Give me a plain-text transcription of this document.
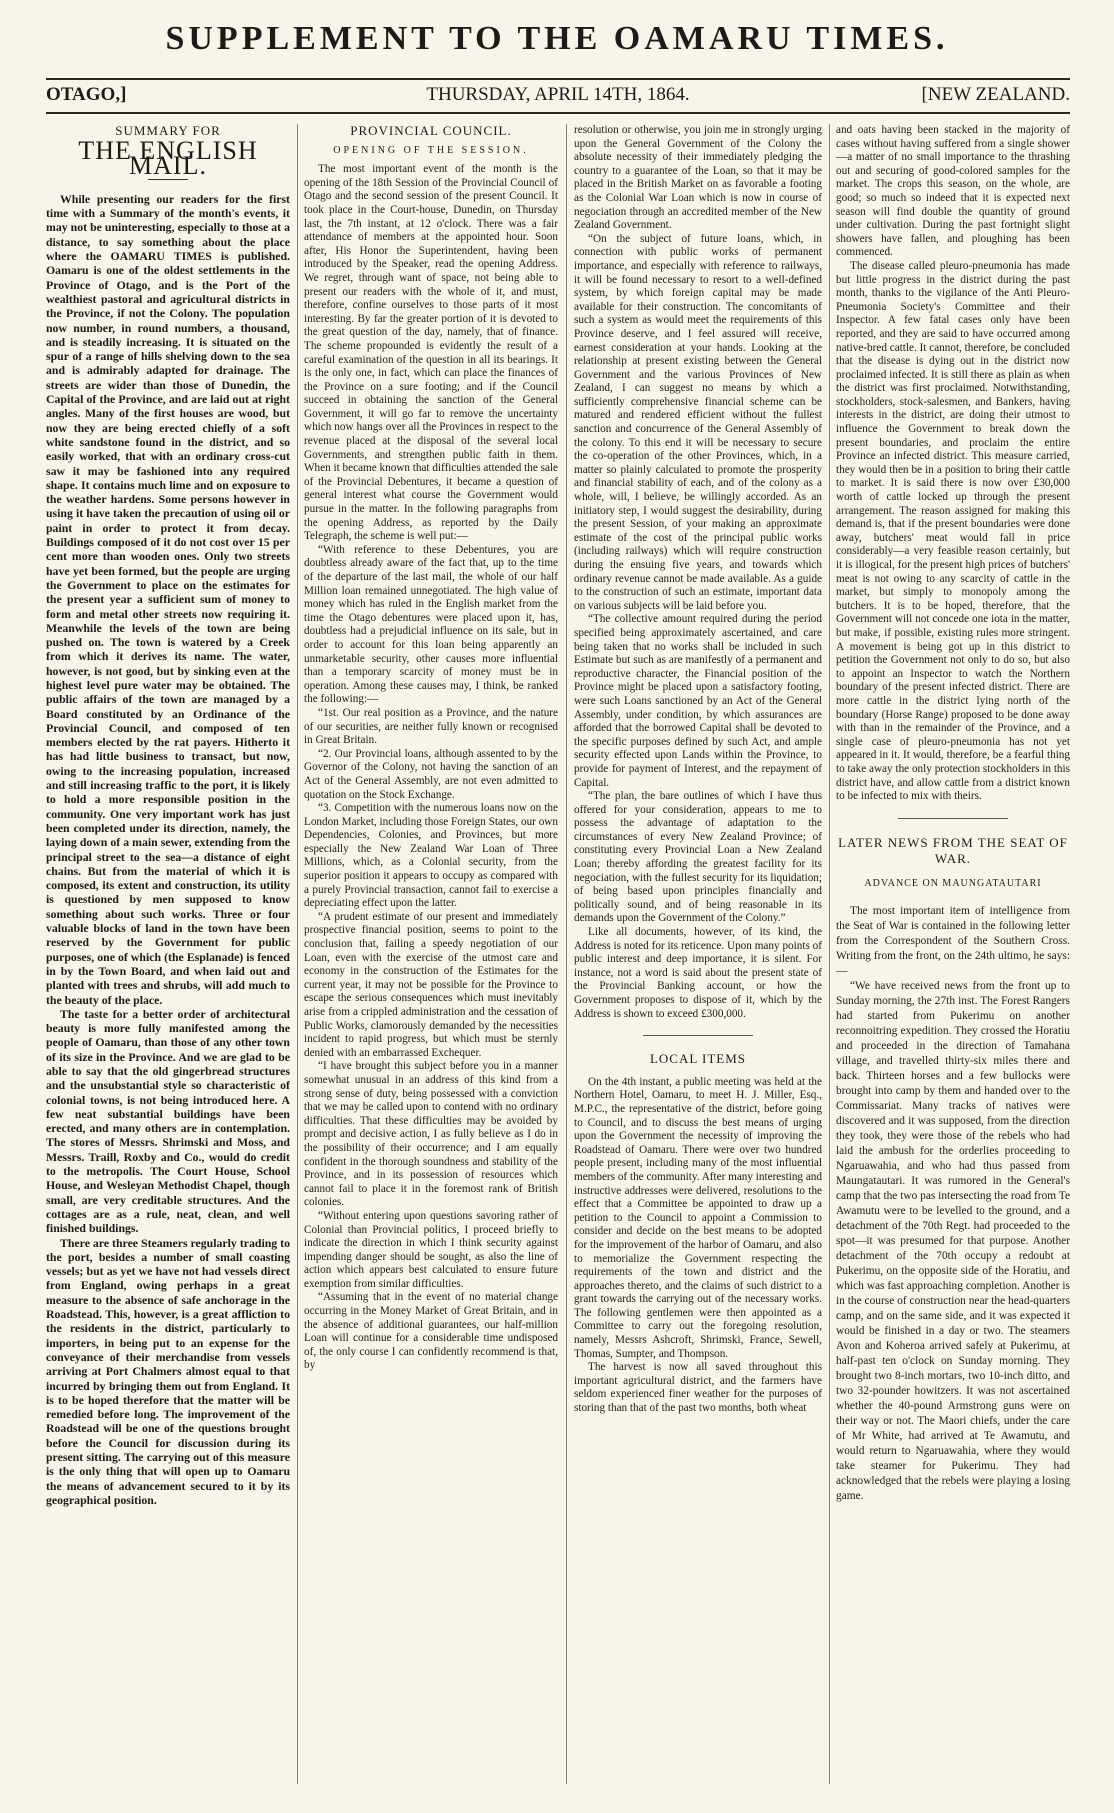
SUPPLEMENT TO THE OAMARU TIMES.
OTAGO,]	THURSDAY, APRIL 14TH, 1864.	[NEW ZEALAND.
SUMMARY FOR
THE ENGLISH MAIL.

While presenting our readers for the first time with a Summary of the month's events, it may not be uninteresting, especially to those at a distance, to say something about the place where the OAMARU TIMES is published. Oamaru is one of the oldest settlements in the Province of Otago, and is the Port of the wealthiest pastoral and agricultural districts in the Province, if not the Colony. The population now number, in round numbers, a thousand, and is steadily increasing. It is situated on the spur of a range of hills shelving down to the sea and is admirably adapted for drainage. The streets are wider than those of Dunedin, the Capital of the Province, and are laid out at right angles. Many of the first houses are wood, but now they are being erected chiefly of a soft white sandstone found in the district, and so easily worked, that with an ordinary cross-cut saw it may be fashioned into any required shape. It contains much lime and on exposure to the weather hardens. Some persons however in using it have taken the precaution of using oil or paint in order to protect it from decay. Buildings composed of it do not cost over 15 per cent more than wooden ones. Only two streets have yet been formed, but the people are urging the Government to place on the estimates for the present year a sufficient sum of money to form and metal other streets now requiring it. Meanwhile the levels of the town are being pushed on. The town is watered by a Creek from which it derives its name. The water, however, is not good, but by sinking even at the highest level pure water may be obtained. The public affairs of the town are managed by a Board constituted by an Ordinance of the Provincial Council, and composed of ten members elected by the rat payers. Hitherto it has had little business to transact, but now, owing to the increasing population, increased and still increasing traffic to the port, it is likely to hold a more responsible position in the community. One very important work has just been completed under its direction, namely, the laying down of a main sewer, extending from the principal street to the sea—a distance of eight chains. But from the material of which it is composed, its extent and construction, its utility is questioned by men supposed to know something about such works. Three or four valuable blocks of land in the town have been reserved by the Government for public purposes, one of which (the Esplanade) is fenced in by the Town Board, and when laid out and planted with trees and shrubs, will add much to the beauty of the place.

The taste for a better order of architectural beauty is more fully manifested among the people of Oamaru, than those of any other town of its size in the Province. And we are glad to be able to say that the old gingerbread structures and the unsubstantial style so characteristic of colonial towns, is not being introduced here. A few neat substantial buildings have been erected, and many others are in contemplation. The stores of Messrs. Shrimski and Moss, and Messrs. Traill, Roxby and Co., would do credit to the metropolis. The Court House, School House, and Wesleyan Methodist Chapel, though small, are very creditable structures. And the cottages are as a rule, neat, clean, and well finished buildings.

There are three Steamers regularly trading to the port, besides a number of small coasting vessels; but as yet we have not had vessels direct from England, owing perhaps in a great measure to the absence of safe anchorage in the Roadstead. This, however, is a great affliction to the residents in the district, particularly to importers, in being put to an expense for the conveyance of their merchandise from vessels arriving at Port Chalmers almost equal to that incurred by bringing them out from England. It is to be hoped therefore that the matter will be remedied before long. The improvement of the Roadstead will be one of the questions brought before the Council for discussion during its present sitting. The carrying out of this measure is the only thing that will open up to Oamaru the means of advancement secured to it by its geographical position.

PROVINCIAL COUNCIL.
OPENING OF THE SESSION.

The most important event of the month is the opening of the 18th Session of the Provincial Council of Otago and the second session of the present Council. It took place in the Court-house, Dunedin, on Thursday last, the 7th instant, at 12 o'clock. There was a fair attendance of members at the appointed hour. Soon after, His Honor the Superintendent, having been introduced by the Speaker, read the opening Address. We regret, through want of space, not being able to present our readers with the whole of it, and must, therefore, confine ourselves to those parts of it most interesting. By far the greater portion of it is devoted to the great question of the day, namely, that of finance. The scheme propounded is evidently the result of a careful examination of the question in all its bearings. It is the only one, in fact, which can place the finances of the Province on a sure footing; and if the Council succeed in obtaining the sanction of the General Government, it will go far to remove the uncertainty which now hangs over all the Provinces in respect to the revenue placed at the disposal of the several local Governments, and strengthen public faith in them. When it became known that difficulties attended the sale of the Provincial Debentures, it became a question of general interest what course the Government would pursue in the matter. In the following paragraphs from the opening Address, as reported by the Daily Telegraph, the scheme is well put:—

“With reference to these Debentures, you are doubtless already aware of the fact that, up to the time of the departure of the last mail, the whole of our half Million loan remained unnegotiated. The high value of money which has ruled in the English market from the time the Otago debentures were placed upon it, has, doubtless had a prejudicial influence on its sale, but in order to account for this loan being apparently an unmarketable security, other causes more influential than a temporary scarcity of money must be in operation. Among these causes may, I think, be ranked the following:—

“1st. Our real position as a Province, and the nature of our securities, are neither fully known or recognised in Great Britain.

“2. Our Provincial loans, although assented to by the Governor of the Colony, not having the sanction of an Act of the General Assembly, are not even admitted to quotation on the Stock Exchange.

“3. Competition with the numerous loans now on the London Market, including those Foreign States, our own Dependencies, Colonies, and Provinces, but more especially the New Zealand War Loan of Three Millions, which, as a Colonial security, from the superior position it appears to occupy as compared with a purely Provincial transaction, cannot fail to exercise a depreciating effect upon the latter.

“A prudent estimate of our present and immediately prospective financial position, seems to point to the conclusion that, failing a speedy negotiation of our Loan, even with the exercise of the utmost care and economy in the construction of the Estimates for the current year, it may not be possible for the Province to escape the serious consequences which must inevitably arise from a crippled administration and the cessation of Public Works, clamorously demanded by the necessities incident to rapid progress, but which must be sternly denied with an embarrassed Exchequer.

“I have brought this subject before you in a manner somewhat unusual in an address of this kind from a strong sense of duty, being possessed with a conviction that we may be called upon to contend with no ordinary difficulties. That these difficulties may be avoided by prompt and decisive action, I as fully believe as I do in the possibility of their occurrence; and I am equally confident in the thorough soundness and stability of the Province, and in its possession of resources which cannot fail to place it in the foremost rank of British colonies.

“Without entering upon questions savoring rather of Colonial than Provincial politics, I proceed briefly to indicate the direction in which I think security against impending danger should be sought, as also the line of action which appears best calculated to ensure future exemption from similar difficulties.

“Assuming that in the event of no material change occurring in the Money Market of Great Britain, and in the absence of additional guarantees, our half-million Loan will continue for a considerable time undisposed of, the only course I can confidently recommend is that, by

resolution or otherwise, you join me in strongly urging upon the General Government of the Colony the absolute necessity of their immediately pledging the country to a guarantee of the Loan, so that it may be placed in the British Market on as favorable a footing as the Colonial War Loan which is now in course of negociation through an accredited member of the New Zealand Government.

“On the subject of future loans, which, in connection with public works of permanent importance, and especially with reference to railways, it will be found necessary to resort to a well-defined system, by which foreign capital may be made available for their construction. The concomitants of such a system as would meet the requirements of this Province deserve, and I feel assured will receive, earnest consideration at your hands. Looking at the relationship at present existing between the General Government and the various Provinces of New Zealand, I can suggest no means by which a sufficiently comprehensive financial scheme can be matured and rendered efficient without the fullest sanction and concurrence of the General Assembly of the colony. To this end it will be necessary to secure the co-operation of the other Provinces, which, in a matter so plainly calculated to promote the prosperity and financial stability of each, and of the colony as a whole, will, I believe, be willingly accorded. As an initiatory step, I would suggest the desirability, during the present Session, of your making an approximate estimate of the cost of the principal public works (including railways) which will require construction during the ensuing five years, and towards which ordinary revenue cannot be made available. As a guide to the construction of such an estimate, important data on various subjects will be laid before you.

“The collective amount required during the period specified being approximately ascertained, and care being taken that no works shall be included in such Estimate but such as are manifestly of a permanent and reproductive character, the Financial position of the Province might be placed upon a satisfactory footing, were such Loans sanctioned by an Act of the General Assembly, under condition, by which assurances are afforded that the borrowed Capital shall be devoted to the specific purposes defined by such Act, and ample security effected upon Lands within the Province, to provide for payment of Interest, and the repayment of Capital.

“The plan, the bare outlines of which I have thus offered for your consideration, appears to me to possess the advantage of adaptation to the circumstances of every New Zealand Province; of constituting every Provincial Loan a New Zealand Loan; thereby affording the greatest facility for its negociation, with the fullest security for its liquidation; of being based upon principles financially and politically sound, and of being reasonable in its demands upon the Government of the Colony.”

Like all documents, however, of its kind, the Address is noted for its reticence. Upon many points of public interest and deep importance, it is silent. For instance, not a word is said about the present state of the Provincial Banking account, or how the Government proposes to dispose of it, which by the Address is shown to exceed £300,000.

LOCAL ITEMS

On the 4th instant, a public meeting was held at the Northern Hotel, Oamaru, to meet H. J. Miller, Esq., M.P.C., the representative of the district, before going to Council, and to discuss the best means of urging upon the Government the necessity of improving the Roadstead of Oamaru. There were over two hundred people present, including many of the most influential members of the community. After many interesting and instructive addresses were delivered, resolutions to the effect that a Committee be appointed to draw up a petition to the Council to appoint a Commission to consider and decide on the best means to be adopted for the improvement of the harbor of Oamaru, and also to memorialize the Government respecting the requirements of the town and district and the approaches thereto, and the claims of such district to a grant towards the carrying out of the necessary works. The following gentlemen were then appointed as a Committee to carry out the foregoing resolution, namely, Messrs Ashcroft, Shrimski, France, Sewell, Thomas, Sumpter, and Thompson.

The harvest is now all saved throughout this important agricultural district, and the farmers have seldom experienced finer weather for the purposes of storing than that of the past two months, both wheat

and oats having been stacked in the majority of cases without having suffered from a single shower—a matter of no small importance to the thrashing out and securing of good-colored samples for the market. The crops this season, on the whole, are good; so much so indeed that it is expected next season will find double the quantity of ground under cultivation. During the past fortnight slight showers have fallen, and ploughing has been commenced.

The disease called pleuro-pneumonia has made but little progress in the district during the past month, thanks to the vigilance of the Anti Pleuro-Pneumonia Society's Committee and their Inspector. A few fatal cases only have been reported, and they are said to have occurred among native-bred cattle. It cannot, therefore, be concluded that the disease is dying out in the district now proclaimed infected. It is still there as plain as when the district was first proclaimed. Notwithstanding, stockholders, stock-salesmen, and Bankers, having interests in the district, are doing their utmost to influence the Government to break down the present boundaries, and proclaim the entire Province an infected district. This measure carried, they would then be in a position to bring their cattle to market. It is said there is now over £30,000 worth of cattle locked up through the present arrangement. The reason assigned for making this demand is, that if the present boundaries were done away, butchers' meat would fall in price considerably—a very feasible reason certainly, but it is illogical, for the present high prices of butchers' meat is not owing to any scarcity of cattle in the market, but simply to monopoly among the butchers. It is to be hoped, therefore, that the Government will not concede one iota in the matter, but make, if possible, existing rules more stringent. A movement is being got up in this district to petition the Government not only to do so, but also to appoint an Inspector to watch the Northern boundary of the present infected district. There are more cattle in the district lying north of the boundary (Horse Range) proposed to be done away with than in the remainder of the Province, and a single case of pleuro-pneumonia has not yet appeared in it. It would, therefore, be a fearful thing to take away the only protection stockholders in this district have, and allow cattle from a district known to be infected to mix with theirs.

LATER NEWS FROM THE SEAT OF WAR.
ADVANCE ON MAUNGATAUTARI

The most important item of intelligence from the Seat of War is contained in the following letter from the Correspondent of the Southern Cross. Writing from the front, on the 24th ultimo, he says:—

“We have received news from the front up to Sunday morning, the 27th inst. The Forest Rangers had started from Pukerimu on another reconnoitring expedition. They crossed the Horatiu and proceeded in the direction of Tamahana village, and travelled thirty-six miles there and back. Thirteen horses and a few bullocks were brought into camp by them and handed over to the Commissariat. Many tracks of natives were discovered and it was supposed, from the direction they took, they were those of the rebels who had laid the ambush for the orderlies proceeding to Ngaruawahia, and who had thus passed from Maungatautari. It was rumored in the General's camp that the two pas intersecting the road from Te Awamutu were to be levelled to the ground, and a detachment of the 70th Regt. had proceeded to the spot—it was presumed for that purpose. Another detachment of the 70th occupy a redoubt at Pukerimu, on the opposite side of the Horatiu, and which was fast approaching completion. Another is in the course of construction near the head-quarters camp, and on the same side, and it was expected it would be finished in a day or two. The steamers Avon and Koheroa arrived safely at Pukerimu, at half-past ten o'clock on Sunday morning. They brought two 8-inch mortars, two 10-inch ditto, and two 32-pounder howitzers. It was not ascertained whether the 40-pound Armstrong guns were on their way or not. The Maori chiefs, under the care of Mr White, had arrived at Te Awamutu, and would return to Ngaruawahia, where they would take steamer for Pukerimu. They had acknowledged that the rebels were playing a losing game.
